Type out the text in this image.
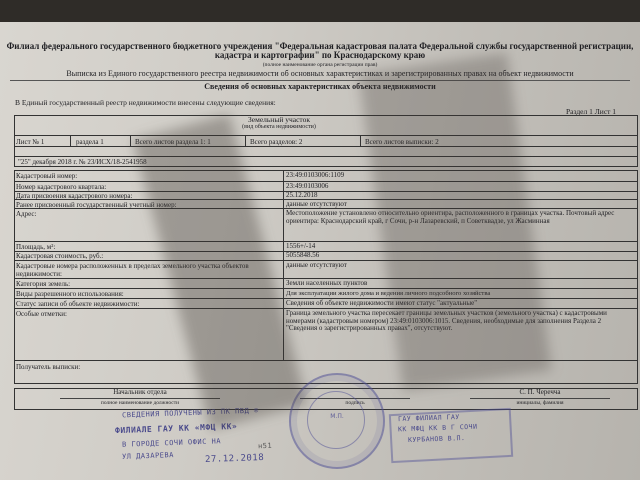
Филиал федерального государственного бюджетного учреждения "Федеральная кадастровая палата Федеральной службы государственной регистрации, кадастра и картографии" по Краснодарскому краю
(полное наименование органа регистрации прав)
Выписка из Единого государственного реестра недвижимости об основных характеристиках и зарегистрированных правах на объект недвижимости
Сведения об основных характеристиках объекта недвижимости
В Единый государственный реестр недвижимости внесены следующие сведения:
Раздел 1 Лист 1
Земельный участок
(вид объекта недвижимости)
Лист № 1	раздела 1	Всего листов раздела 1: 1	Всего разделов: 2	Всего листов выписки: 2
"25" декабря 2018 г. № 23/ИСХ/18-2541958
Кадастровый номер:	23:49:0103006:1109
Номер кадастрового квартала:	23:49:0103006
Дата присвоения кадастрового номера:	25.12.2018
Ранее присвоенный государственный учетный номер:	данные отсутствуют
Адрес:	Местоположение установлено относительно ориентира, расположенного в границах участка. Почтовый адрес ориентира: Краснодарский край, г Сочи, р-н Лазаревский, п Советквадзе, ул Жасминная
Площадь, м²:	1556+/-14
Кадастровая стоимость, руб.:	5055848.56
Кадастровые номера расположенных в пределах земельного участка объектов недвижимости:
данные отсутствуют
Категория земель:	Земли населенных пунктов
Виды разрешенного использования:	Для эксплуатации жилого дома и ведения личного подсобного хозяйства
Статус записи об объекте недвижимости:	Сведения об объекте недвижимости имеют статус "актуальные"
Особые отметки:	Граница земельного участка пересекает границы земельных участков (земельного участка) с кадастровыми номерами (кадастровым номером) 23:49:0103006:1015. Сведения, необходимые для заполнения Раздела 2 "Сведения о зарегистрированных правах", отсутствуют.
Получатель выписки:
Начальник отдела
полное наименование должности	подпись
С. П. Черечча
инициалы, фамилия
М.П.	ГАУ ФИЛИАЛ ГАУ
КК МФЦ КК В Г СОЧИ
КУРБАНОВ В.П.
СВЕДЕНИЯ ПОЛУЧЕНЫ ИЗ ПК ПВД ®
ФИЛИАЛЕ ГАУ КК «МФЦ КК»
В ГОРОДЕ СОЧИ ОФИС НА
УЛ ДАЗАРЕВА	27.12.2018
н51
